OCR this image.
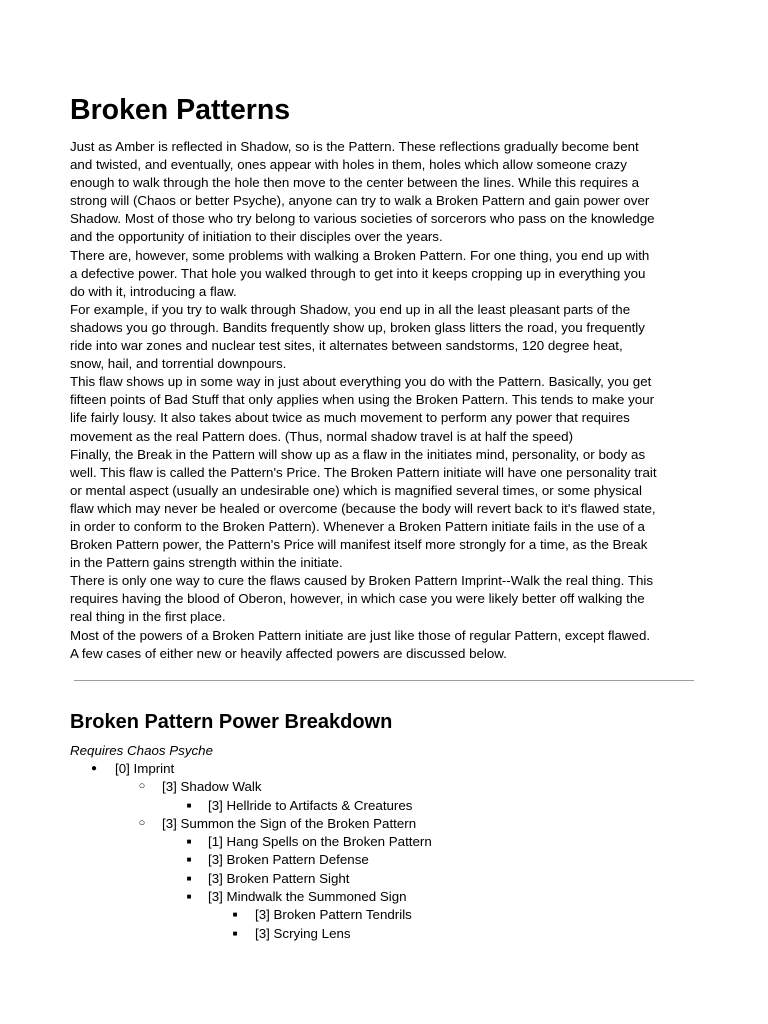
Broken Patterns
Just as Amber is reflected in Shadow, so is the Pattern. These reflections gradually become bent
and twisted, and eventually, ones appear with holes in them, holes which allow someone crazy
enough to walk through the hole then move to the center between the lines. While this requires a
strong will (Chaos or better Psyche), anyone can try to walk a Broken Pattern and gain power over
Shadow. Most of those who try belong to various societies of sorcerors who pass on the knowledge
and the opportunity of initiation to their disciples over the years.
There are, however, some problems with walking a Broken Pattern. For one thing, you end up with
a defective power. That hole you walked through to get into it keeps cropping up in everything you
do with it, introducing a flaw.
For example, if you try to walk through Shadow, you end up in all the least pleasant parts of the
shadows you go through. Bandits frequently show up, broken glass litters the road, you frequently
ride into war zones and nuclear test sites, it alternates between sandstorms, 120 degree heat,
snow, hail, and torrential downpours.
This flaw shows up in some way in just about everything you do with the Pattern. Basically, you get
fifteen points of Bad Stuff that only applies when using the Broken Pattern. This tends to make your
life fairly lousy. It also takes about twice as much movement to perform any power that requires
movement as the real Pattern does. (Thus, normal shadow travel is at half the speed)
Finally, the Break in the Pattern will show up as a flaw in the initiates mind, personality, or body as
well. This flaw is called the Pattern's Price. The Broken Pattern initiate will have one personality trait
or mental aspect (usually an undesirable one) which is magnified several times, or some physical
flaw which may never be healed or overcome (because the body will revert back to it's flawed state,
in order to conform to the Broken Pattern). Whenever a Broken Pattern initiate fails in the use of a
Broken Pattern power, the Pattern's Price will manifest itself more strongly for a time, as the Break
in the Pattern gains strength within the initiate.
There is only one way to cure the flaws caused by Broken Pattern Imprint--Walk the real thing. This
requires having the blood of Oberon, however, in which case you were likely better off walking the
real thing in the first place.
Most of the powers of a Broken Pattern initiate are just like those of regular Pattern, except flawed.
A few cases of either new or heavily affected powers are discussed below.
Broken Pattern Power Breakdown
Requires Chaos Psyche
● [0] Imprint
○ [3] Shadow Walk
■ [3] Hellride to Artifacts & Creatures
○ [3] Summon the Sign of the Broken Pattern
■ [1] Hang Spells on the Broken Pattern
■ [3] Broken Pattern Defense
■ [3] Broken Pattern Sight
■ [3] Mindwalk the Summoned Sign
■ [3] Broken Pattern Tendrils
■ [3] Scrying Lens
